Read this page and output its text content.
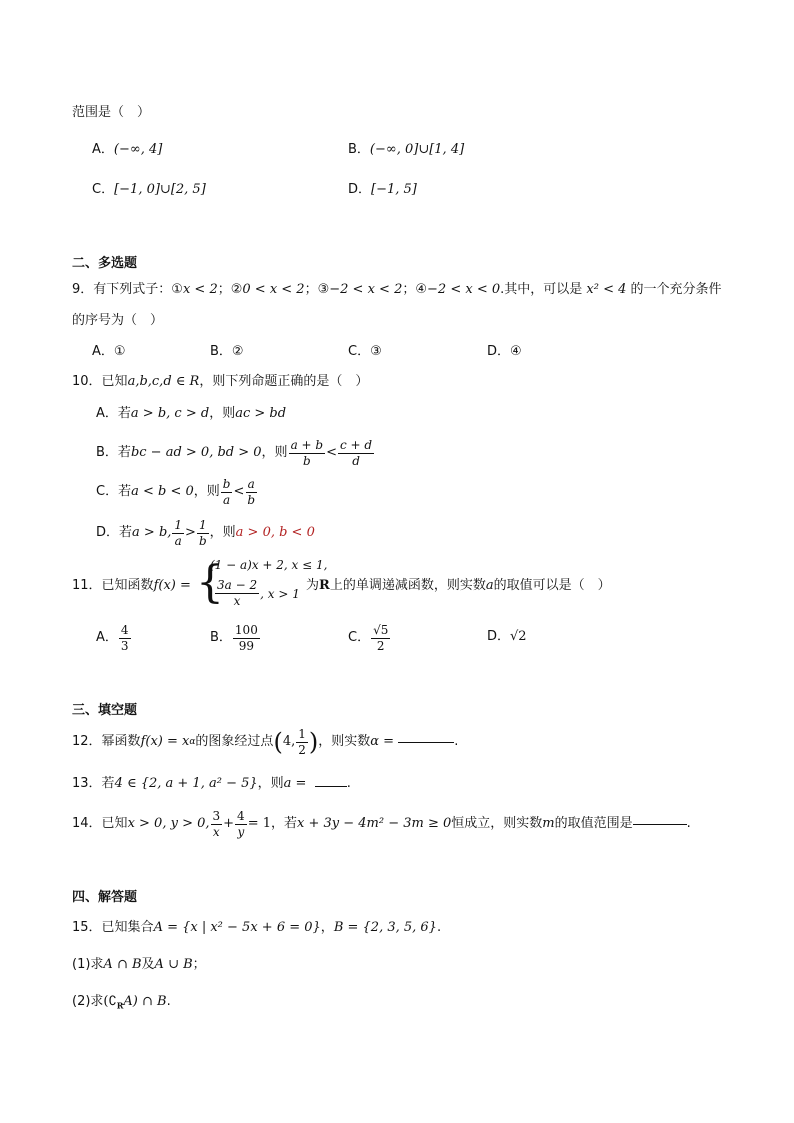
范围是（　）
A．(−∞, 4]	B．(−∞, 0]∪[1, 4]
C．[−1, 0]∪[2, 5]	D．[−1, 5]
二、多选题
9．有下列式子：①x < 2；②0 < x < 2；③−2 < x < 2；④−2 < x < 0.其中，可以是 x² < 4 的一个充分条件
的序号为（　）
A．①	B．②	C．③	D．④
10．已知a,b,c,d ∈ R，则下列命题正确的是（　）
A．若a > b, c > d，则ac > bd
B． 若 bc − ad > 0, bd > 0 ，则 $\frac{a + b}{b} < \frac{c + d}{d}$
C． 若 a < b < 0 ，则 $\frac{b}{a} < \frac{a}{b}$
D． 若 a > b, $\frac{1}{a} > \frac{1}{b}$ ，则 a > 0, b < 0
11．已知函数f(x) = {
(1 − a)x + 2, x ≤ 1,
$\frac{3a - 2}{x}$ , x > 1
为R上的单调递减函数，则实数a的取值可以是（　）
A． $\frac{4}{3}$	B． $\frac{100}{99}$	C． $\frac{√5}{2}$	D．√2
三、填空题
12． 幂函数 f(x) = x α 的图象经过点 ( 4, $\frac{1}{2}$ ) ，则实数 α =
	.
13．若4 ∈ {2, a + 1, a² − 5}，则a =	.
14． 已知 x > 0, y > 0, $\frac{3}{x} + \frac{4}{y} = 1$ ，若 x + 3y − 4m² − 3m ≥ 0 恒成立，则实数 m 的取值范围是	.
四、解答题
15．已知集合A = {x | x² − 5x + 6 = 0}，B = {2, 3, 5, 6}.
(1)求A ∩ B及A ∪ B；
(2)求$(∁_RA)$ ∩ B.
